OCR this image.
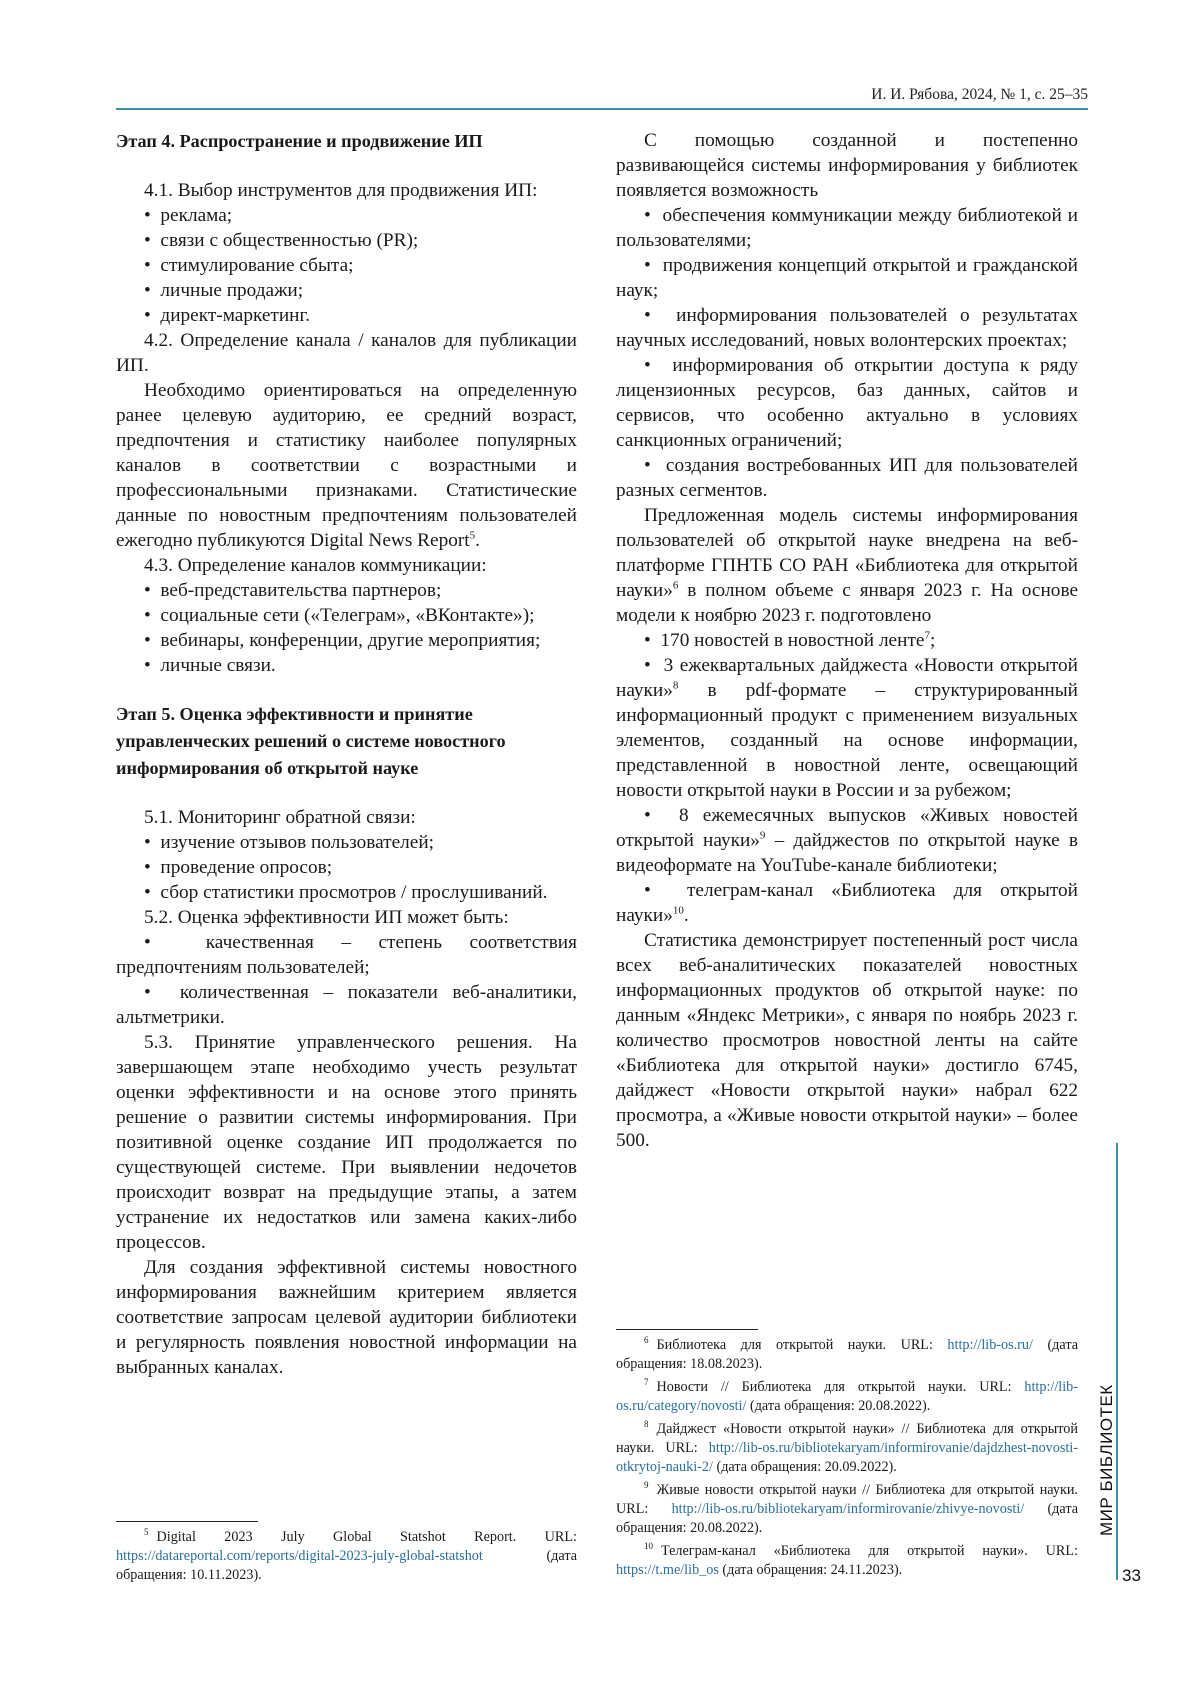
И. И. Рябова, 2024, № 1, с. 25–35
Этап 4. Распространение и продвижение ИП

4.1. Выбор инструментов для продвижения ИП:

•  реклама;

•  связи с общественностью (PR);

•  стимулирование сбыта;

•  личные продажи;

•  директ-маркетинг.

4.2. Определение канала / каналов для публикации ИП.

Необходимо ориентироваться на определенную ранее целевую аудиторию, ее средний возраст, предпочтения и статистику наиболее популярных каналов в соответствии с возрастными и профессиональными признаками. Статистические данные по новостным предпочтениям пользователей ежегодно публикуются Digital News Report5.

4.3. Определение каналов коммуникации:

•  веб-представительства партнеров;

•  социальные сети («Телеграм», «ВКонтакте»);

•  вебинары, конференции, другие мероприятия;

•  личные связи.

Этап 5. Оценка эффективности и принятие управленческих решений о системе новостного информирования об открытой науке

5.1. Мониторинг обратной связи:

•  изучение отзывов пользователей;

•  проведение опросов;

•  сбор статистики просмотров / прослушиваний.

5.2. Оценка эффективности ИП может быть:

•  качественная – степень соответствия предпочтениям пользователей;

•  количественная – показатели веб-аналитики, альтметрики.

5.3. Принятие управленческого решения. На завершающем этапе необходимо учесть результат оценки эффективности и на основе этого принять решение о развитии системы информирования. При позитивной оценке создание ИП продолжается по существующей системе. При выявлении недочетов происходит возврат на предыдущие этапы, а затем устранение их недостатков или замена каких-либо процессов.

Для создания эффективной системы новостного информирования важнейшим критерием является соответствие запросам целевой аудитории библиотеки и регулярность появления новостной информации на выбранных каналах.

С помощью созданной и постепенно развивающейся системы информирования у библиотек появляется возможность

•  обеспечения коммуникации между библиотекой и пользователями;

•  продвижения концепций открытой и гражданской наук;

•  информирования пользователей о результатах научных исследований, новых волонтерских проектах;

•  информирования об открытии доступа к ряду лицензионных ресурсов, баз данных, сайтов и сервисов, что особенно актуально в условиях санкционных ограничений;

•  создания востребованных ИП для пользователей разных сегментов.

Предложенная модель системы информирования пользователей об открытой науке внедрена на веб-платформе ГПНТБ СО РАН «Библиотека для открытой науки»6 в полном объеме с января 2023 г. На основе модели к ноябрю 2023 г. подготовлено

•  170 новостей в новостной ленте7;

•  3 ежеквартальных дайджеста «Новости открытой науки»8 в pdf-формате – структурированный информационный продукт с применением визуальных элементов, созданный на основе информации, представленной в новостной ленте, освещающий новости открытой науки в России и за рубежом;

•  8 ежемесячных выпусков «Живых новостей открытой науки»9 – дайджестов по открытой науке в видеоформате на YouTube-канале библиотеки;

•  телеграм-канал «Библиотека для открытой науки»10.

Статистика демонстрирует постепенный рост числа всех веб-аналитических показателей новостных информационных продуктов об открытой науке: по данным «Яндекс Метрики», с января по ноябрь 2023 г. количество просмотров новостной ленты на сайте «Библиотека для открытой науки» достигло 6745, дайджест «Новости открытой науки» набрал 622 просмотра, а «Живые новости открытой науки» – более 500.

5 Digital 2023 July Global Statshot Report. URL: https://datareportal.com/reports/digital-2023-july-global-statshot (дата обращения: 10.11.2023).

6 Библиотека для открытой науки. URL: http://lib-os.ru/ (дата обращения: 18.08.2023).

7 Новости // Библиотека для открытой науки. URL: http://lib-os.ru/category/novosti/ (дата обращения: 20.08.2022).

8 Дайджест «Новости открытой науки» // Библиотека для открытой науки. URL: http://lib-os.ru/bibliotekaryam/informirovanie/dajdzhest-novosti-otkrytoj-nauki-2/ (дата обращения: 20.09.2022).

9 Живые новости открытой науки // Библиотека для открытой науки. URL: http://lib-os.ru/bibliotekaryam/informirovanie/zhivye-novosti/ (дата обращения: 20.08.2022).

10 Телеграм-канал «Библиотека для открытой науки». URL: https://t.me/lib_os (дата обращения: 24.11.2023).

МИР БИБЛИОТЕК
33
